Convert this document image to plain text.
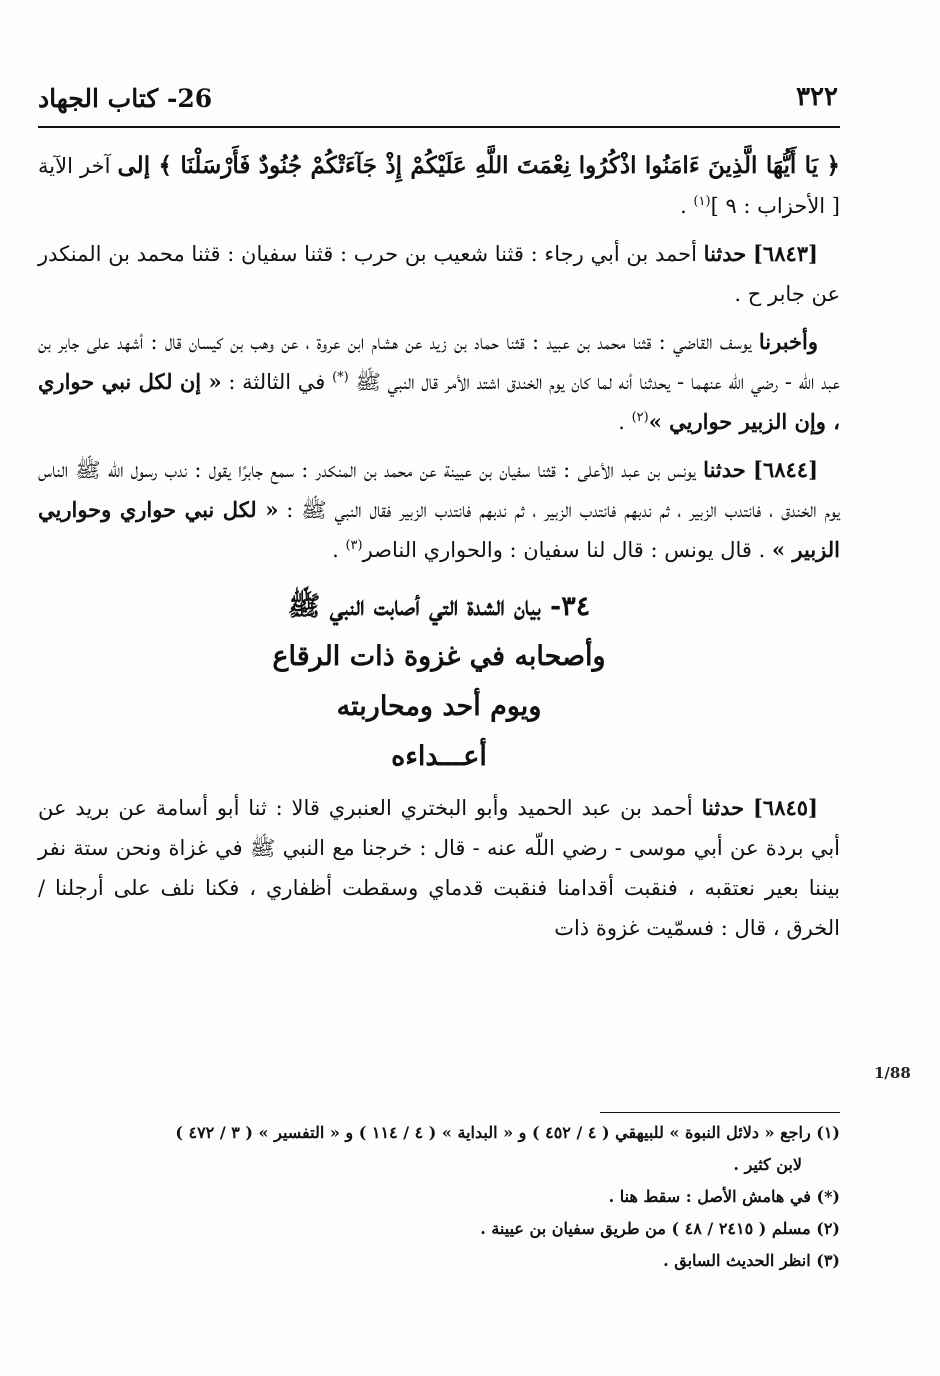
٣٢٢
26- كتاب الجهاد

﴿ يَا أَيُّهَا الَّذِينَ ءَامَنُوا اذْكُرُوا نِعْمَتَ اللَّهِ عَلَيْكُمْ إِذْ جَآءَتْكُمْ جُنُودٌ فَأَرْسَلْنَا ﴾ إلى آخر الآية [ الأحزاب : ٩ ]$^{(١)}$ .

[٦٨٤٣] حدثنا أحمد بن أبي رجاء : قثنا شعيب بن حرب : قثنا سفيان : قثنا محمد بن المنكدر عن جابر ح .

وأخبرنا يوسف القاضي : قثنا محمد بن عبيد : قثنا حماد بن زيد عن هشام ابن عروة ، عن وهب بن كيسان قال : أشهد على جابر بن عبد اللّه - رضي اللّه عنهما - يحدثنا أنه لما كان يوم الخندق اشتد الأمر قال النبي ﷺ (*) في الثالثة : « إن لكل نبي حواري ، وإن الزبير حواريي »$^{(٢)}$ .

[٦٨٤٤] حدثنا يونس بن عبد الأعلى : قثنا سفيان بن عيينة عن محمد بن المنكدر : سمع جابرًا يقول : ندب رسول اللّه ﷺ الناس يوم الخندق ، فانتدب الزبير ، ثم ندبهم فانتدب الزبير ، ثم ندبهم فانتدب الزبير فقال النبي ﷺ : « لكل نبي حواري وحواريي الزبير » . قال يونس : قال لنا سفيان : والحواري الناصر$^{(٣)}$ .

٣٤- بيان الشدة التي أصابت النبي ﷺ
وأصحابه في غزوة ذات الرقاع
ويوم أحد ومحاربته
أعـــداءه

[٦٨٤٥] حدثنا أحمد بن عبد الحميد وأبو البختري العنبري قالا : ثنا أبو أسامة عن بريد عن أبي بردة عن أبي موسى - رضي اللّه عنه - قال : خرجنا مع النبي ﷺ في غزاة ونحن ستة نفر بيننا بعير نعتقبه ، فنقبت أقدامنا فنقبت قدماي وسقطت أظفاري ، فكنا نلف على أرجلنا / الخرق ، قال : فسمّيت غزوة ذات

1/88

(١) راجع « دلائل النبوة » للبيهقي ( ٤ / ٤٥٢ ) و « البداية » ( ٤ / ١١٤ ) و « التفسير » ( ٣ / ٤٧٢ )

لابن كثير .

(*) في هامش الأصل : سقط هنا .

(٢) مسلم ( ٢٤١٥ / ٤٨ ) من طريق سفيان بن عيينة .

(٣) انظر الحديث السابق .
